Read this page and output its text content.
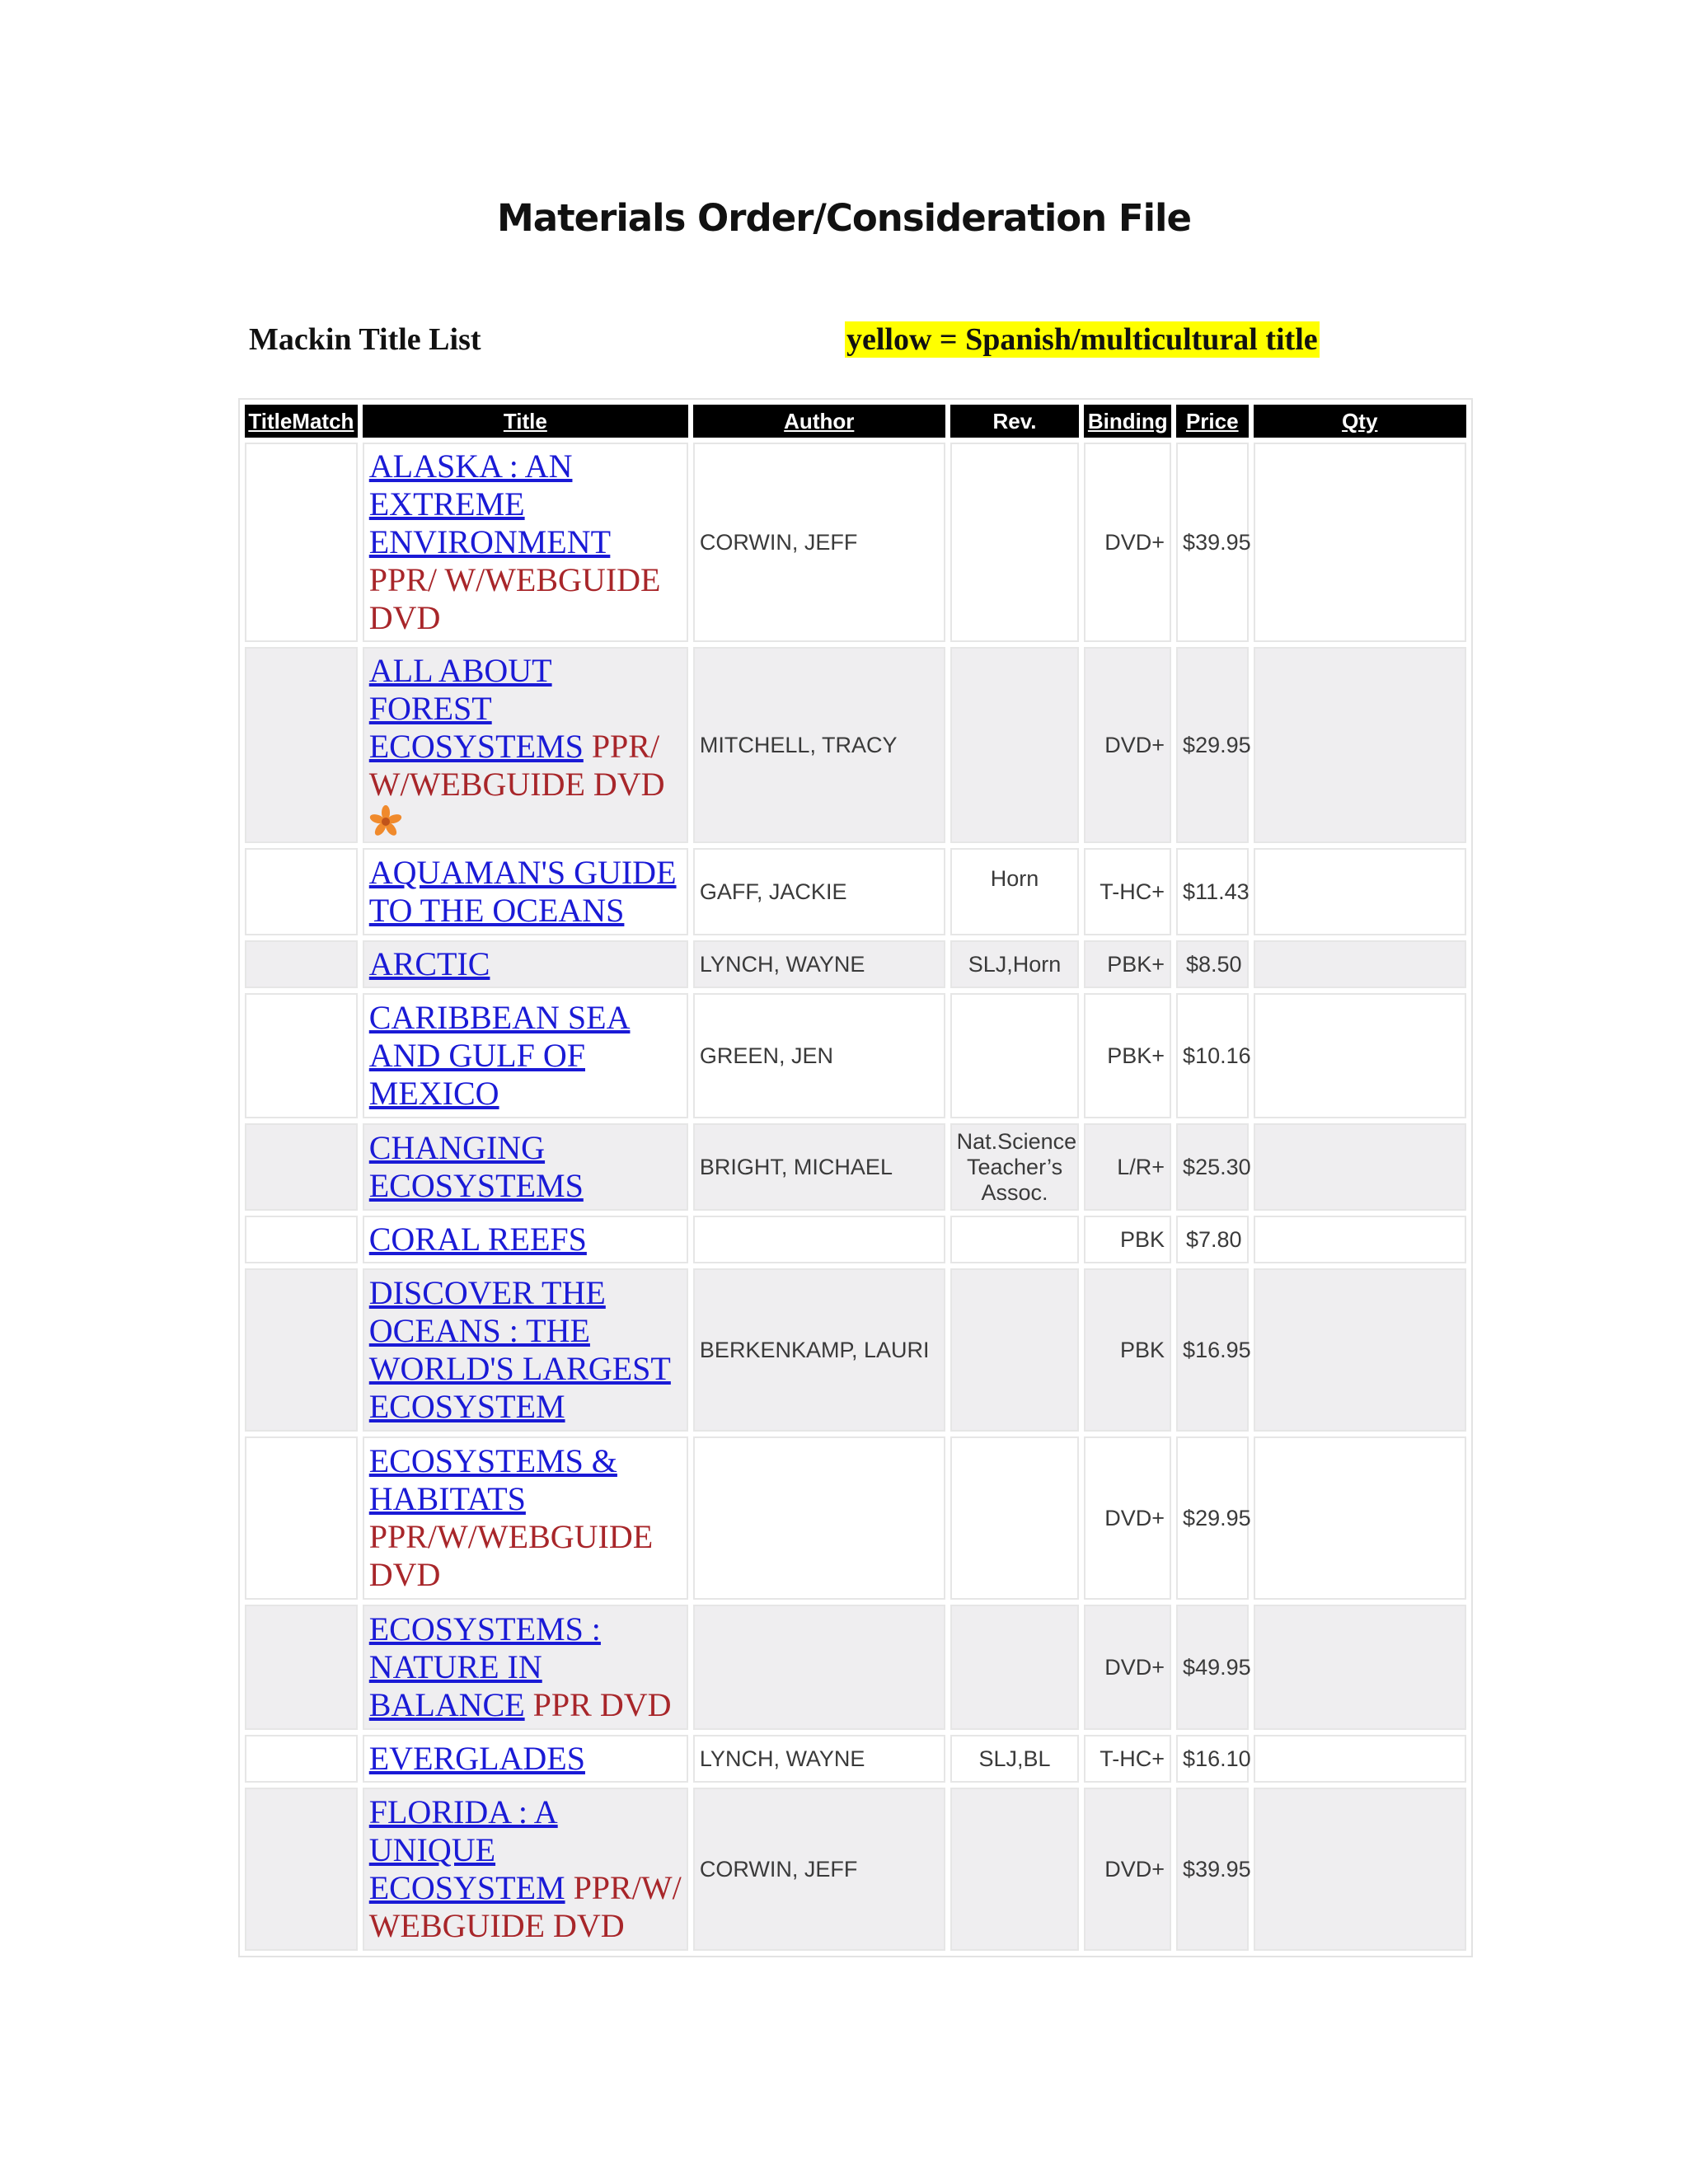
Materials Order/Consideration File
Mackin Title List	yellow = Spanish/multicultural title
TitleMatch	Title	Author	Rev.	Binding	Price	Qty
	ALASKA : AN EXTREME ENVIRONMENT PPR/ W/WEBGUIDE DVD	CORWIN, JEFF		DVD+	$39.95	
	ALL ABOUT FOREST ECOSYSTEMS PPR/ W/WEBGUIDE DVD	MITCHELL, TRACY		DVD+	$29.95	
	AQUAMAN'S GUIDE TO THE OCEANS	GAFF, JACKIE	Horn	T-HC+	$11.43	
	ARCTIC	LYNCH, WAYNE	SLJ,Horn	PBK+	$8.50	
	CARIBBEAN SEA AND GULF OF MEXICO	GREEN, JEN		PBK+	$10.16	
	CHANGING ECOSYSTEMS	BRIGHT, MICHAEL	Nat.Science Teacher’s Assoc.	L/R+	$25.30	
	CORAL REEFS			PBK	$7.80	
	DISCOVER THE OCEANS : THE WORLD'S LARGEST ECOSYSTEM	BERKENKAMP, LAURI		PBK	$16.95	
	ECOSYSTEMS & HABITATS PPR/W/WEBGUIDE DVD			DVD+	$29.95	
	ECOSYSTEMS : NATURE IN BALANCE PPR DVD			DVD+	$49.95	
	EVERGLADES	LYNCH, WAYNE	SLJ,BL	T-HC+	$16.10	
	FLORIDA : A UNIQUE ECOSYSTEM PPR/W/ WEBGUIDE DVD	CORWIN, JEFF		DVD+	$39.95	
